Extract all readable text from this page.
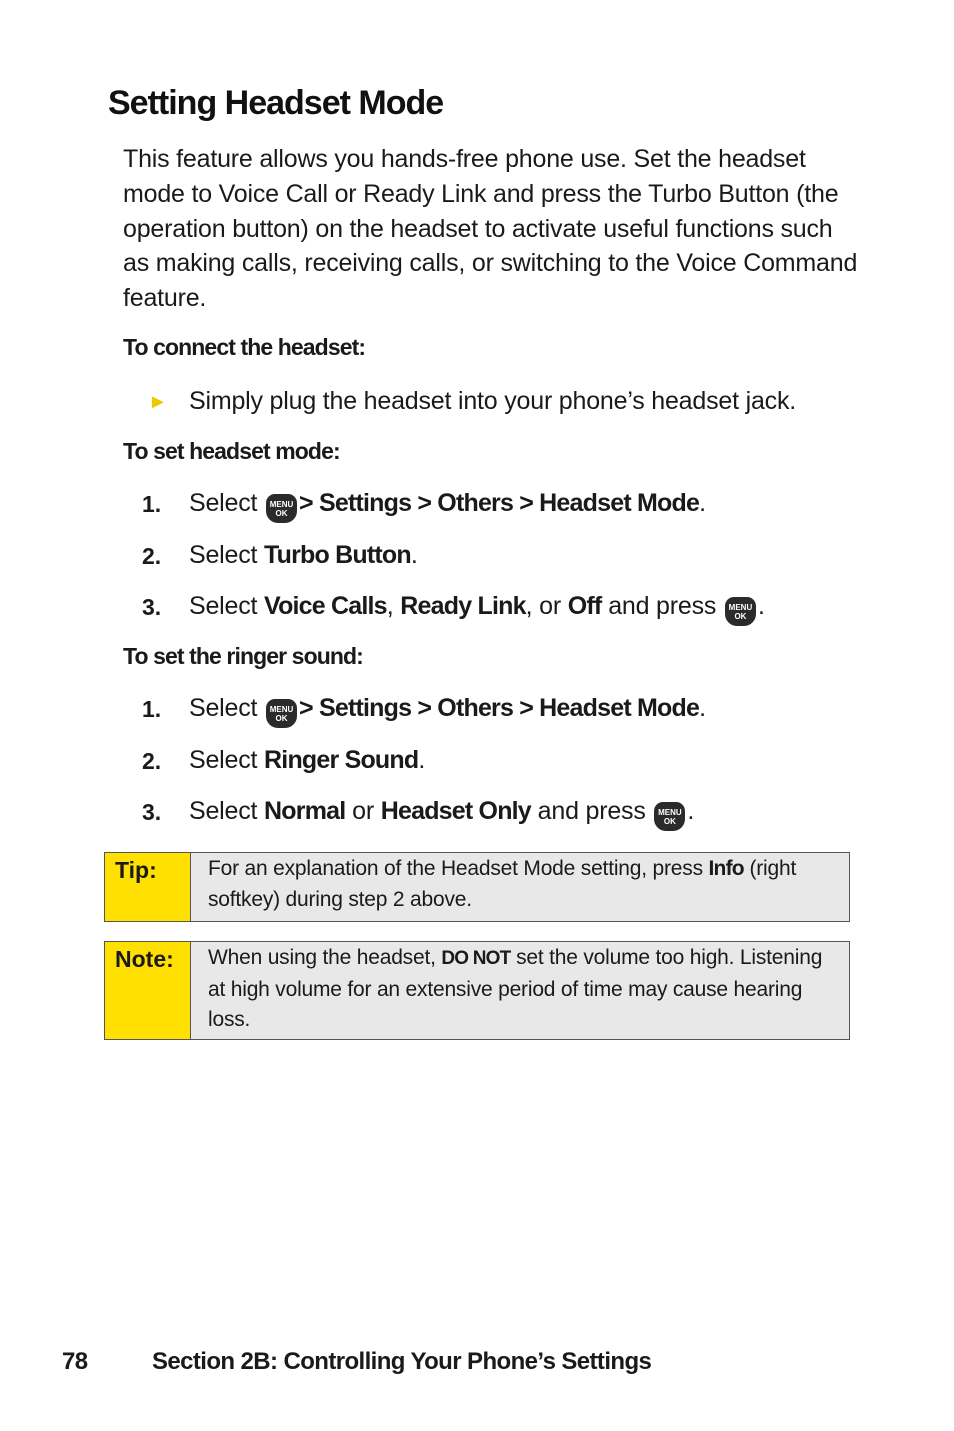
Setting Headset Mode

This feature allows you hands-free phone use. Set the headset mode to Voice Call or Ready Link and press the Turbo Button (the operation button) on the headset to activate useful functions such as making calls, receiving calls, or switching to the Voice Command feature.

To connect the headset:

► Simply plug the headset into your phone’s headset jack.

To set headset mode:

1. Select MENU
OK > Settings > Others > Headset Mode.
2. Select Turbo Button.
3. Select Voice Calls, Ready Link, or Off and press MENU
OK .

To set the ringer sound:

1. Select MENU
OK > Settings > Others > Headset Mode.
2. Select Ringer Sound.
3. Select Normal or Headset Only and press MENU
OK .
Tip:	For an explanation of the Headset Mode setting, press Info (right softkey) during step 2 above.
Note:	When using the headset, DO NOT set the volume too high. Listening at high volume for an extensive period of time may cause hearing loss.
78	Section 2B: Controlling Your Phone’s Settings
